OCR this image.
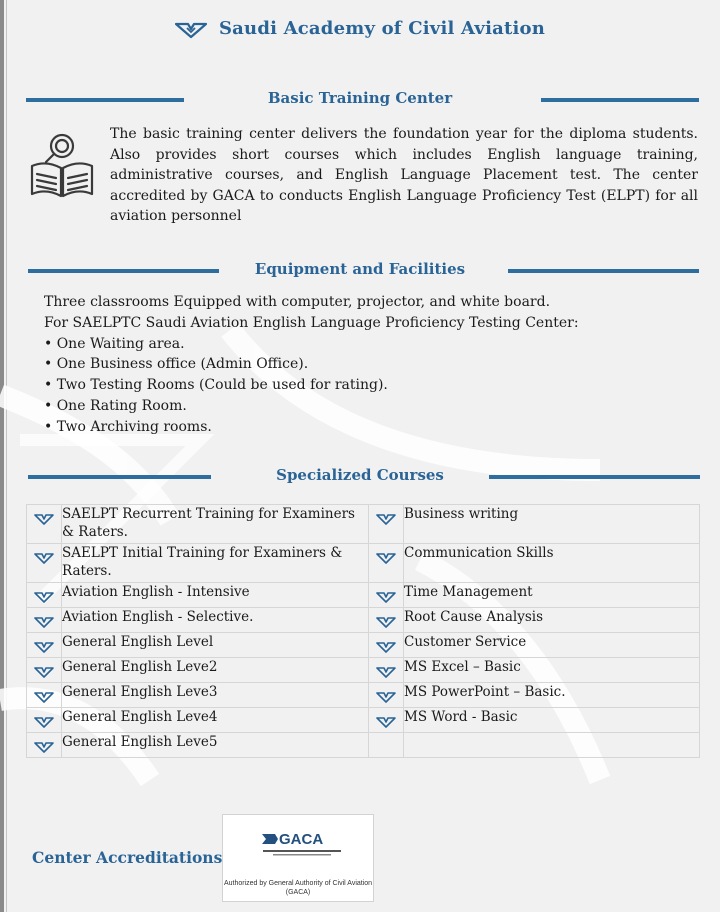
Saudi Academy of Civil Aviation
Basic Training Center
The basic training center delivers the foundation year for the diploma students. Also provides short courses which includes English language training, administrative courses, and English Language Placement test. The center accredited by GACA to conducts English Language Proficiency Test (ELPT) for all aviation personnel
Equipment and Facilities
Three classrooms Equipped with computer, projector, and white board.
For SAELPTC Saudi Aviation English Language Proficiency Testing Center:
• One Waiting area.
• One Business office (Admin Office).
• Two Testing Rooms (Could be used for rating).
• One Rating Room.
• Two Archiving rooms.
Specialized Courses
	SAELPT Recurrent Training for Examiners & Raters.		Business writing
	SAELPT Initial Training for Examiners & Raters.		Communication Skills
	Aviation English - Intensive		Time Management
	Aviation English - Selective.		Root Cause Analysis
	General English Level		Customer Service
	General English Leve2		MS Excel – Basic
	General English Leve3		MS PowerPoint – Basic.
	General English Leve4		MS Word - Basic
	General English Leve5		
Center Accreditations
GACA
Authorized by General Authority of Civil Aviation (GACA)
